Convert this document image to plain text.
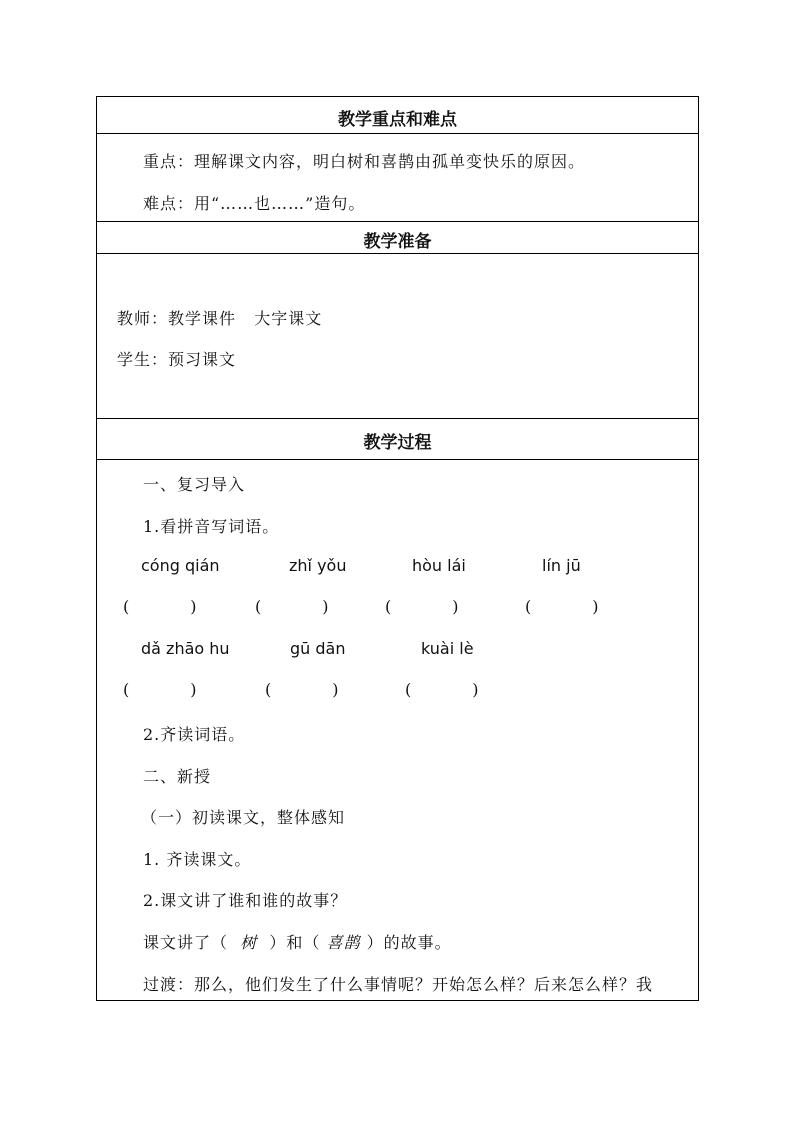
教学重点和难点
重点：理解课文内容，明白树和喜鹊由孤单变快乐的原因。
难点：用“……也……”造句。
教学准备
教师：教学课件   大字课文
学生：预习课文
教学过程
一、复习导入
1.看拼音写词语。
cóng qián	zhǐ yǒu	hòu lái	lín jū
(            )	(            )	(            )	(            )
dǎ zhāo hu	gū dān	kuài lè
(            )	(            )	(            )
2.齐读词语。
二、新授
（一）初读课文，整体感知
1. 齐读课文。
2.课文讲了谁和谁的故事？
课文讲了（ 树 ）和（ 喜鹊 ）的故事。
过渡：那么，他们发生了什么事情呢？开始怎么样？后来怎么样？我
